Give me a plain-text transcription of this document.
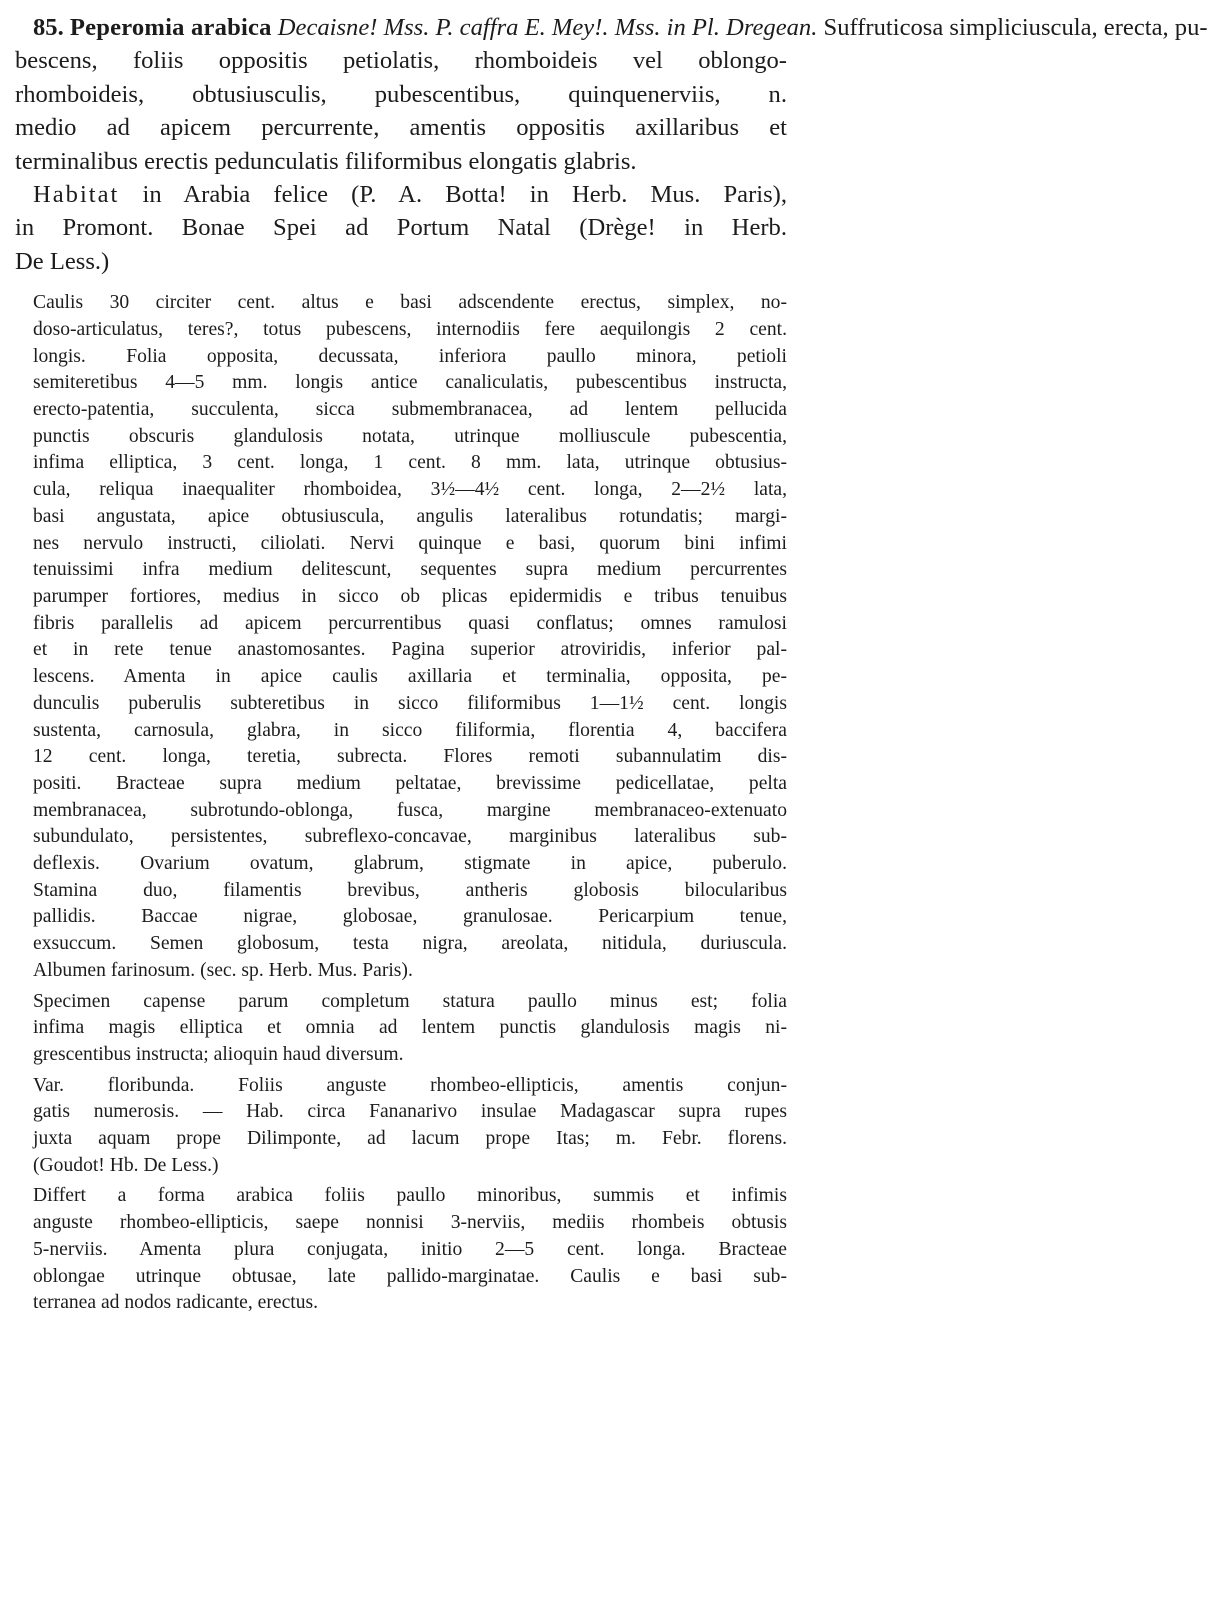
85. Peperomia arabica Decaisne! Mss. P. caffra E. Mey!. Mss. in Pl. Dregean. Suffruticosa simpliciuscula, erecta, pu-
bescens, foliis oppositis petiolatis, rhomboideis vel oblongo-
rhomboideis, obtusiusculis, pubescentibus, quinquenerviis, n.
medio ad apicem percurrente, amentis oppositis axillaribus et
terminalibus erectis pedunculatis filiformibus elongatis glabris.
Habitat in Arabia felice (P. A. Botta! in Herb. Mus. Paris),
in Promont. Bonae Spei ad Portum Natal (Drège! in Herb.
De Less.)

Caulis 30 circiter cent. altus e basi adscendente erectus, simplex, no-
doso-articulatus, teres?, totus pubescens, internodiis fere aequilongis 2 cent.
longis. Folia opposita, decussata, inferiora paullo minora, petioli
semiteretibus 4—5 mm. longis antice canaliculatis, pubescentibus instructa,
erecto-patentia, succulenta, sicca submembranacea, ad lentem pellucida
punctis obscuris glandulosis notata, utrinque molliuscule pubescentia,
infima elliptica, 3 cent. longa, 1 cent. 8 mm. lata, utrinque obtusius-
cula, reliqua inaequaliter rhomboidea, 3½—4½ cent. longa, 2—2½ lata,
basi angustata, apice obtusiuscula, angulis lateralibus rotundatis; margi-
nes nervulo instructi, ciliolati. Nervi quinque e basi, quorum bini infimi
tenuissimi infra medium delitescunt, sequentes supra medium percurrentes
parumper fortiores, medius in sicco ob plicas epidermidis e tribus tenuibus
fibris parallelis ad apicem percurrentibus quasi conflatus; omnes ramulosi
et in rete tenue anastomosantes. Pagina superior atroviridis, inferior pal-
lescens. Amenta in apice caulis axillaria et terminalia, opposita, pe-
dunculis puberulis subteretibus in sicco filiformibus 1—1½ cent. longis
sustenta, carnosula, glabra, in sicco filiformia, florentia 4, baccifera
12 cent. longa, teretia, subrecta. Flores remoti subannulatim dis-
positi. Bracteae supra medium peltatae, brevissime pedicellatae, pelta
membranacea, subrotundo-oblonga, fusca, margine membranaceo-extenuato
subundulato, persistentes, subreflexo-concavae, marginibus lateralibus sub-
deflexis. Ovarium ovatum, glabrum, stigmate in apice, puberulo.
Stamina duo, filamentis brevibus, antheris globosis bilocularibus
pallidis. Baccae nigrae, globosae, granulosae. Pericarpium tenue,
exsuccum. Semen globosum, testa nigra, areolata, nitidula, duriuscula.
Albumen farinosum. (sec. sp. Herb. Mus. Paris).

Specimen capense parum completum statura paullo minus est; folia
infima magis elliptica et omnia ad lentem punctis glandulosis magis ni-
grescentibus instructa; alioquin haud diversum.

Var. floribunda. Foliis anguste rhombeo-ellipticis, amentis conjun-
gatis numerosis. — Hab. circa Fananarivo insulae Madagascar supra rupes
juxta aquam prope Dilimponte, ad lacum prope Itas; m. Febr. florens.
(Goudot! Hb. De Less.)

Differt a forma arabica foliis paullo minoribus, summis et infimis
anguste rhombeo-ellipticis, saepe nonnisi 3-nerviis, mediis rhombeis obtusis
5-nerviis. Amenta plura conjugata, initio 2—5 cent. longa. Bracteae
oblongae utrinque obtusae, late pallido-marginatae. Caulis e basi sub-
terranea ad nodos radicante, erectus.
